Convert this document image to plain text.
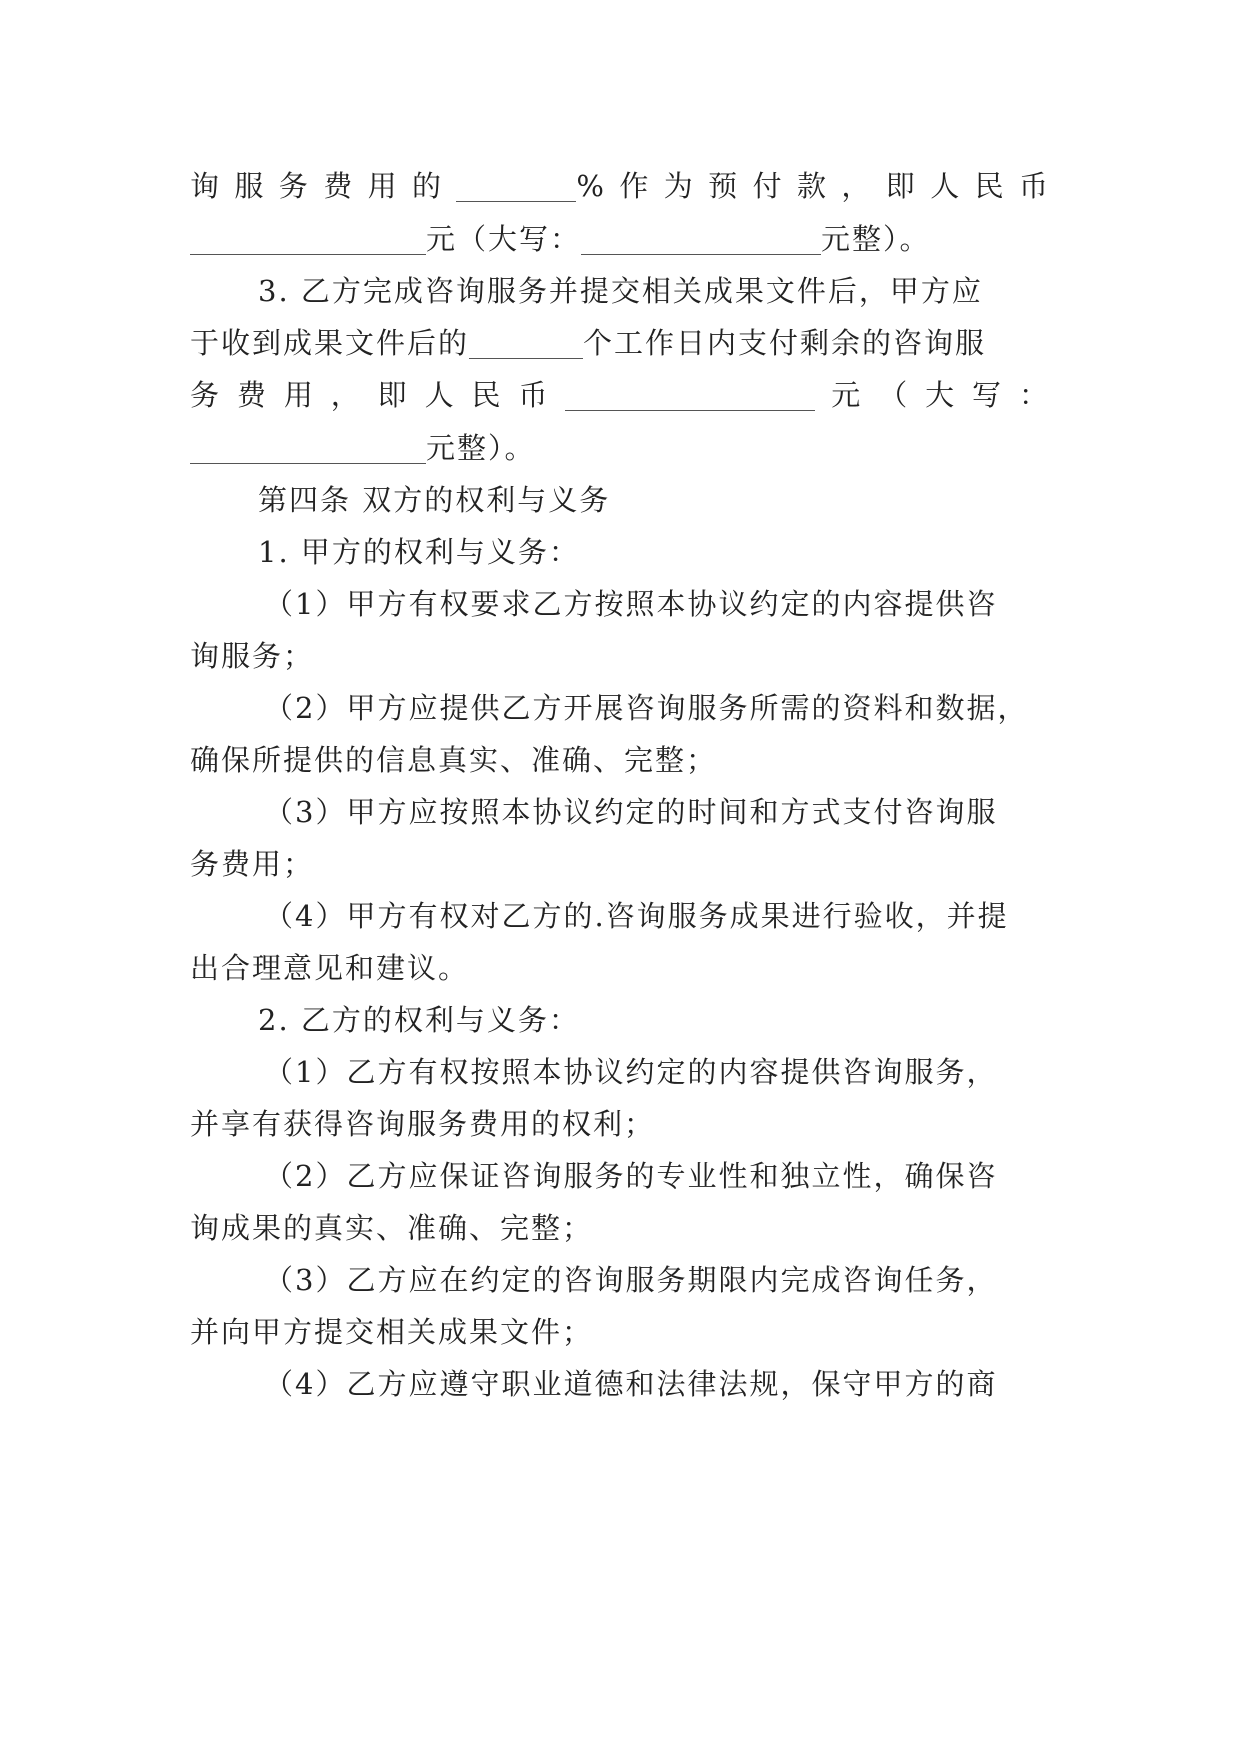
询服务费用的	%作为预付款，即人民币
元（大写：	元整）。
3. 乙方完成咨询服务并提交相关成果文件后，甲方应
于收到成果文件后的	个工作日内支付剩余的咨询服
务费用，即人民币	元（大写：
元整）。
第四条 双方的权利与义务
1. 甲方的权利与义务：
（1）甲方有权要求乙方按照本协议约定的内容提供咨
询服务；
（2）甲方应提供乙方开展咨询服务所需的资料和数据，
确保所提供的信息真实、准确、完整；
（3）甲方应按照本协议约定的时间和方式支付咨询服
务费用；
（4）甲方有权对乙方的.咨询服务成果进行验收，并提
出合理意见和建议。
2. 乙方的权利与义务：
（1）乙方有权按照本协议约定的内容提供咨询服务，
并享有获得咨询服务费用的权利；
（2）乙方应保证咨询服务的专业性和独立性，确保咨
询成果的真实、准确、完整；
（3）乙方应在约定的咨询服务期限内完成咨询任务，
并向甲方提交相关成果文件；
（4）乙方应遵守职业道德和法律法规，保守甲方的商
